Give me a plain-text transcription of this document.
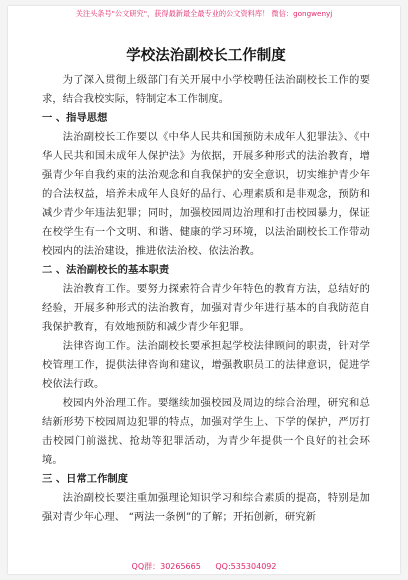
关注头条号"公文研究"，获得最新最全最专业的公文资料库！ 微信：gongwenyj
学校法治副校长工作制度

为了深入贯彻上级部门有关开展中小学校聘任法治副校长工作的要求，结合我校实际，特制定本工作制度。

一 、指导思想

法治副校长工作要以《中华人民共和国预防未成年人犯罪法》、《中华人民共和国未成年人保护法》为依据，开展多种形式的法治教育，增强青少年自我约束的法治观念和自我保护的安全意识，切实维护青少年的合法权益，培养未成年人良好的品行、心理素质和是非观念，预防和减少青少年违法犯罪；同时，加强校园周边治理和打击校园暴力，保证在校学生有一个文明、和谐、健康的学习环境，以法治副校长工作带动校园内的法治建设，推进依法治校、依法治教。

二 、法治副校长的基本职责

法治教育工作。要努力探索符合青少年特色的教育方法，总结好的经验，开展多种形式的法治教育，加强对青少年进行基本的自我防范自我保护教育，有效地预防和减少青少年犯罪。

法律咨询工作。法治副校长要承担起学校法律顾问的职责，针对学校管理工作，提供法律咨询和建议，增强教职员工的法律意识，促进学校依法行政。

校园内外治理工作。要继续加强校园及周边的综合治理，研究和总结新形势下校园周边犯罪的特点，加强对学生上、下学的保护，严厉打击校园门前滋扰、抢劫等犯罪活动，为青少年提供一个良好的社会环境。

三 、日常工作制度

法治副校长要注重加强理论知识学习和综合素质的提高，特别是加强对青少年心理、 “两法一条例”的了解；开拓创新，研究新

QQ群：30265665 QQ:535304092
